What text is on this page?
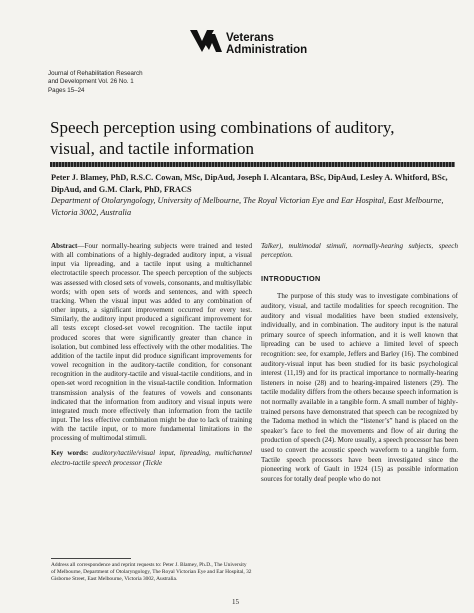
Veterans
Administration
Journal of Rehabilitation Research
and Development Vol. 26 No. 1
Pages 15–24
Speech perception using combinations of auditory, visual, and tactile information
Peter J. Blamey, PhD, R.S.C. Cowan, MSc, DipAud, Joseph I. Alcantara, BSc, DipAud, Lesley A. Whitford, BSc, DipAud, and G.M. Clark, PhD, FRACS
Department of Otolaryngology, University of Melbourne, The Royal Victorian Eye and Ear Hospital, East Melbourne, Victoria 3002, Australia
Abstract—Four normally-hearing subjects were trained and tested with all combinations of a highly-degraded auditory input, a visual input via lipreading, and a tactile input using a multichannel electrotactile speech processor. The speech perception of the subjects was assessed with closed sets of vowels, consonants, and multisyllabic words; with open sets of words and sentences, and with speech tracking. When the visual input was added to any combination of other inputs, a significant improvement occurred for every test. Similarly, the auditory input produced a significant improvement for all tests except closed-set vowel recognition. The tactile input produced scores that were significantly greater than chance in isolation, but combined less effectively with the other modalities. The addition of the tactile input did produce significant improvements for vowel recognition in the auditory-tactile condition, for consonant recognition in the auditory-tactile and visual-tactile conditions, and in open-set word recognition in the visual-tactile condition. Information transmission analysis of the features of vowels and consonants indicated that the information from auditory and visual inputs were integrated much more effectively than information from the tactile input. The less effective combination might be due to lack of training with the tactile input, or to more fundamental limitations in the processing of multimodal stimuli.
Key words: auditory/tactile/visual input, lipreading, multichannel electro-tactile speech processor (Tickle
Talker), multimodal stimuli, normally-hearing subjects, speech perception.
INTRODUCTION
The purpose of this study was to investigate combinations of auditory, visual, and tactile modalities for speech recognition. The auditory and visual modalities have been studied extensively, individually, and in combination. The auditory input is the natural primary source of speech information, and it is well known that lipreading can be used to achieve a limited level of speech recognition: see, for example, Jeffers and Barley (16). The combined auditory-visual input has been studied for its basic psychological interest (11,19) and for its practical importance to normally-hearing listeners in noise (28) and to hearing-impaired listeners (29). The tactile modality differs from the others because speech information is not normally available in a tangible form. A small number of highly-trained persons have demonstrated that speech can be recognized by the Tadoma method in which the “listener’s” hand is placed on the speaker’s face to feel the movements and flow of air during the production of speech (24). More usually, a speech processor has been used to convert the acoustic speech waveform to a tangible form. Tactile speech processors have been investigated since the pioneering work of Gault in 1924 (15) as possible information sources for totally deaf people who do not
Address all correspondence and reprint requests to: Peter J. Blamey, Ph.D., The University of Melbourne, Department of Otolaryngology, The Royal Victorian Eye and Ear Hospital, 32 Gisborne Street, East Melbourne, Victoria 3002, Australia.
15
